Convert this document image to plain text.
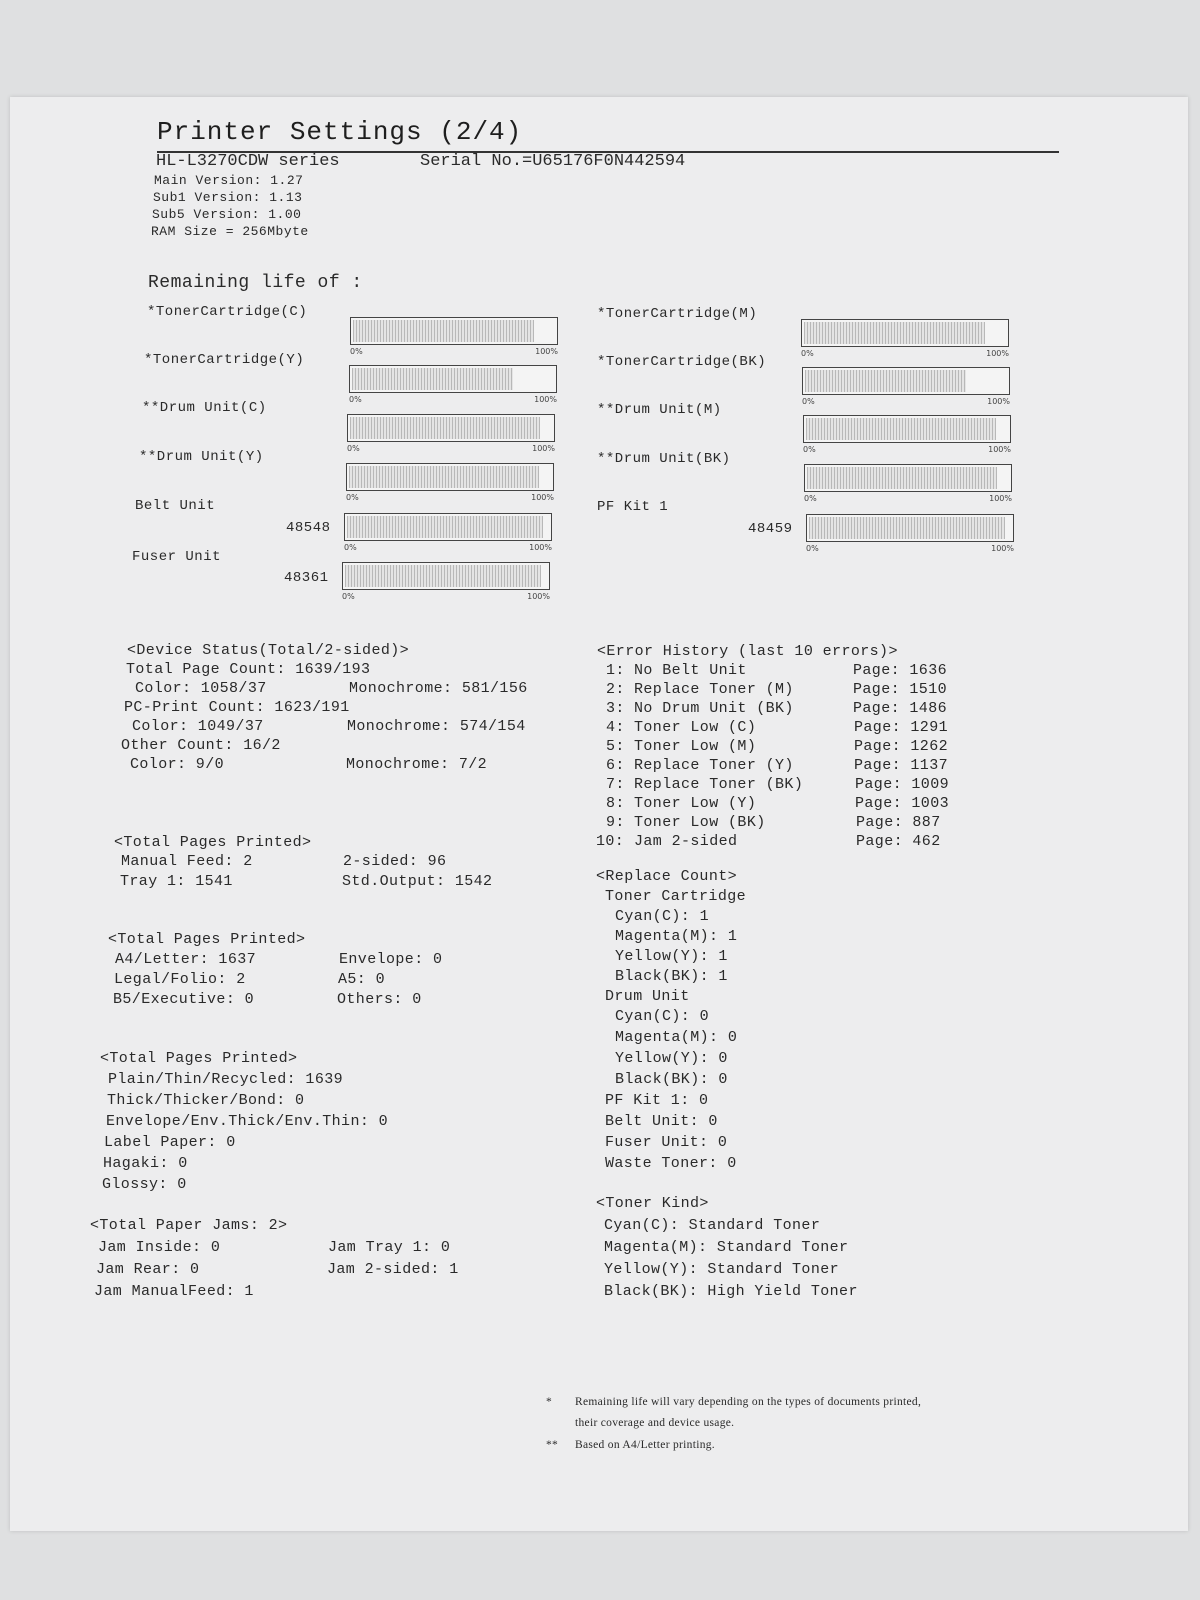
Printer Settings (2/4)
HL-L3270CDW series	Serial No.=U65176F0N442594
Main Version: 1.27
Sub1 Version: 1.13
Sub5 Version: 1.00
RAM Size = 256Mbyte
Remaining life of :
*TonerCartridge(C)
*TonerCartridge(Y)
**Drum Unit(C)
**Drum Unit(Y)
Belt Unit
48548
Fuser Unit
48361
*TonerCartridge(M)
*TonerCartridge(BK)
**Drum Unit(M)
**Drum Unit(BK)
PF Kit 1
48459
0%	100%
0%	100%
0%	100%
0%	100%
0%	100%
0%	100%
0%	100%
0%	100%
0%	100%
0%	100%
0%	100%
<Device Status(Total/2-sided)>
Total Page Count: 1639/193
Color: 1058/37	Monochrome: 581/156
PC-Print Count: 1623/191
Color: 1049/37	Monochrome: 574/154
Other Count: 16/2
Color: 9/0	Monochrome: 7/2
<Total Pages Printed>
Manual Feed: 2	2-sided: 96
Tray 1: 1541	Std.Output: 1542
<Total Pages Printed>
A4/Letter: 1637	Envelope: 0
Legal/Folio: 2	A5: 0
B5/Executive: 0	Others: 0
<Total Pages Printed>
Plain/Thin/Recycled: 1639
Thick/Thicker/Bond: 0
Envelope/Env.Thick/Env.Thin: 0
Label Paper: 0
Hagaki: 0
Glossy: 0
<Total Paper Jams: 2>
Jam Inside: 0	Jam Tray 1: 0
Jam Rear: 0	Jam 2-sided: 1
Jam ManualFeed: 1
<Error History (last 10 errors)>
1: No Belt Unit	Page: 1636
2: Replace Toner (M)	Page: 1510
3: No Drum Unit (BK)	Page: 1486
4: Toner Low (C)	Page: 1291
5: Toner Low (M)	Page: 1262
6: Replace Toner (Y)	Page: 1137
7: Replace Toner (BK)	Page: 1009
8: Toner Low (Y)	Page: 1003
9: Toner Low (BK)	Page: 887
10: Jam 2-sided	Page: 462
<Replace Count>
Toner Cartridge
Cyan(C): 1
Magenta(M): 1
Yellow(Y): 1
Black(BK): 1
Drum Unit
Cyan(C): 0
Magenta(M): 0
Yellow(Y): 0
Black(BK): 0
PF Kit 1: 0
Belt Unit: 0
Fuser Unit: 0
Waste Toner: 0
<Toner Kind>
Cyan(C): Standard Toner
Magenta(M): Standard Toner
Yellow(Y): Standard Toner
Black(BK): High Yield Toner
* Remaining life will vary depending on the types of documents printed,
their coverage and device usage.
** Based on A4/Letter printing.
